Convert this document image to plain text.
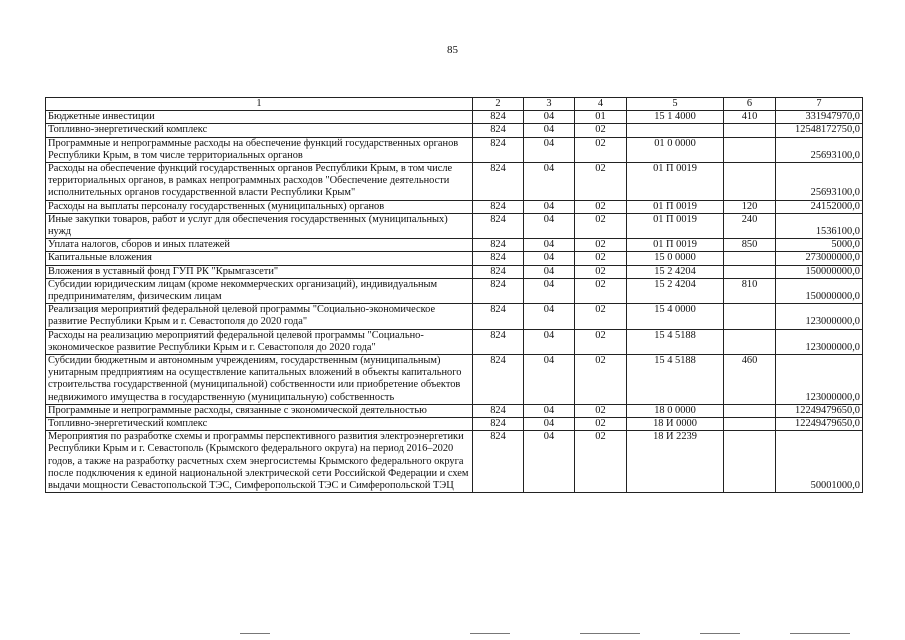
85
1	2	3	4	5	6	7
Бюджетные инвестиции	824	04	01	15 1 4000	410	331947970,0
Топливно-энергетический комплекс	824	04	02			12548172750,0
Программные и непрограммные расходы на обеспечение функций государственных органов Республики Крым, в том числе территориальных органов	824	04	02	01 0 0000		25693100,0
Расходы на обеспечение функций государственных органов Республики Крым, в том числе территориальных органов, в рамках непрограммных расходов "Обеспечение деятельности исполнительных органов государственной власти Республики Крым"	824	04	02	01 П 0019		25693100,0
Расходы на выплаты персоналу государственных (муниципальных) органов	824	04	02	01 П 0019	120	24152000,0
Иные закупки товаров, работ и услуг для обеспечения государственных (муниципальных) нужд	824	04	02	01 П 0019	240	1536100,0
Уплата налогов, сборов и иных платежей	824	04	02	01 П 0019	850	5000,0
Капитальные вложения	824	04	02	15 0 0000		273000000,0
Вложения в уставный фонд ГУП РК "Крымгазсети"	824	04	02	15 2 4204		150000000,0
Субсидии юридическим лицам (кроме некоммерческих организаций), индивидуальным предпринимателям, физическим лицам	824	04	02	15 2 4204	810	150000000,0
Реализация мероприятий федеральной целевой программы "Социально-экономическое развитие Республики Крым и г. Севастополя до 2020 года"	824	04	02	15 4 0000		123000000,0
Расходы на реализацию мероприятий федеральной целевой программы "Социально-экономическое развитие Республики Крым и г. Севастополя до 2020 года"	824	04	02	15 4 5188		123000000,0
Субсидии бюджетным и автономным учреждениям, государственным (муниципальным) унитарным предприятиям на осуществление капитальных вложений в объекты капитального строительства государственной (муниципальной) собственности или приобретение объектов недвижимого имущества в государственную (муниципальную) собственность	824	04	02	15 4 5188	460	123000000,0
Программные и непрограммные расходы, связанные с экономической деятельностью	824	04	02	18 0 0000		12249479650,0
Топливно-энергетический комплекс	824	04	02	18 И 0000		12249479650,0
Мероприятия по разработке схемы и программы перспективного развития электроэнергетики Республики Крым и г. Севастополь (Крымского федерального округа) на период 2016–2020 годов, а также на разработку расчетных схем энергосистемы Крымского федерального округа после подключения к единой национальной электрической сети Российской Федерации и схем выдачи мощности Севастопольской ТЭС, Симферопольской ТЭС и Симферопольской ТЭЦ	824	04	02	18 И 2239		50001000,0
